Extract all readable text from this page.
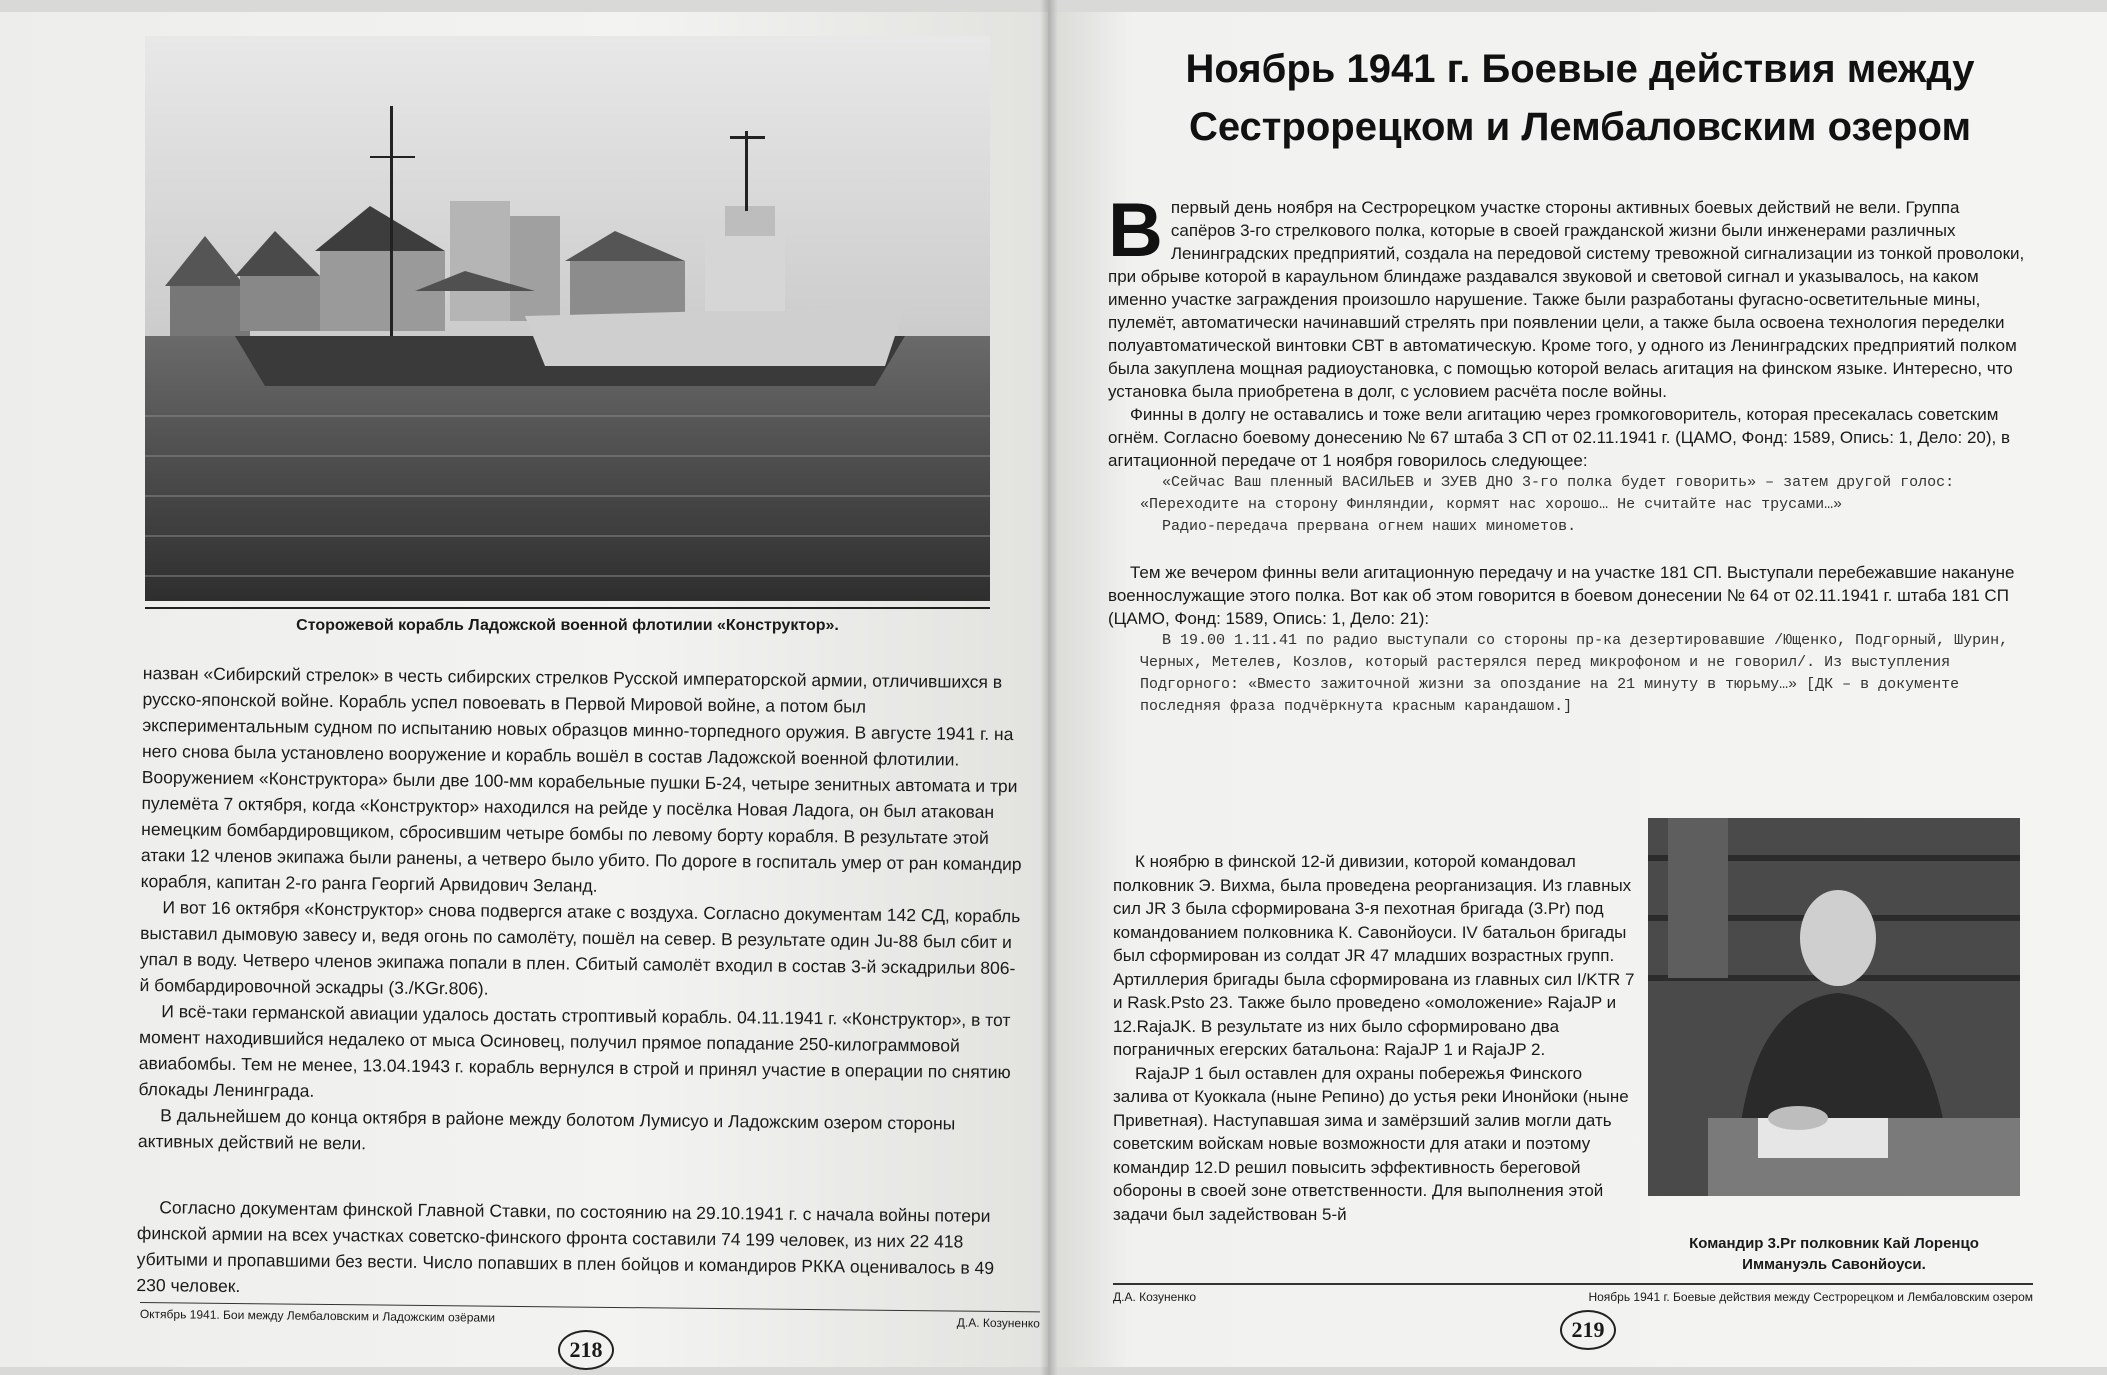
Сторожевой корабль Ладожской военной флотилии «Конструктор».

назван «Сибирский стрелок» в честь сибирских стрелков Русской императорской армии, отличившихся в русско-японской войне. Корабль успел повоевать в Первой Мировой войне, а потом был экспериментальным судном по испытанию новых образцов минно-торпедного оружия. В августе 1941 г. на него снова была установлено вооружение и корабль вошёл в состав Ладожской военной флотилии. Вооружением «Конструктора» были две 100-мм корабельные пушки Б-24, четыре зенитных автомата и три пулемёта 7 октября, когда «Конструктор» находился на рейде у посёлка Новая Ладога, он был атакован немецким бомбардировщиком, сбросившим четыре бомбы по левому борту корабля. В результате этой атаки 12 членов экипажа были ранены, а четверо было убито. По дороге в госпиталь умер от ран командир корабля, капитан 2-го ранга Георгий Арвидович Зеланд.

И вот 16 октября «Конструктор» снова подвергся атаке с воздуха. Согласно документам 142 СД, корабль выставил дымовую завесу и, ведя огонь по самолёту, пошёл на север. В результате один Ju-88 был сбит и упал в воду. Четверо членов экипажа попали в плен. Сбитый самолёт входил в состав 3-й эскадрильи 806-й бомбардировочной эскадры (3./KGr.806).

И всё-таки германской авиации удалось достать строптивый корабль. 04.11.1941 г. «Конструктор», в тот момент находившийся недалеко от мыса Осиновец, получил прямое попадание 250-килограммовой авиабомбы. Тем не менее, 13.04.1943 г. корабль вернулся в строй и принял участие в операции по снятию блокады Ленинграда.

В дальнейшем до конца октября в районе между болотом Лумисуо и Ладожским озером стороны активных действий не вели.

Согласно документам финской Главной Ставки, по состоянию на 29.10.1941 г. с начала войны потери финской армии на всех участках советско-финского фронта составили 74 199 человек, из них 22 418 убитыми и пропавшими без вести. Число попавших в плен бойцов и командиров РККА оценивалось в 49 230 человек.

Октябрь 1941. Бои между Лембаловским и Ладожским озёрами	Д.А. Козуненко
218
Ноябрь 1941 г. Боевые действия между
Сестрорецком и Лембаловским озером

Впервый день ноября на Сестрорецком участке стороны активных боевых действий не вели. Группа сапёров 3-го стрелкового полка, которые в своей гражданской жизни были инженерами различных Ленинградских предприятий, создала на передовой систему тревожной сигнализации из тонкой проволоки, при обрыве которой в караульном блиндаже раздавался звуковой и световой сигнал и указывалось, на каком именно участке заграждения произошло нарушение. Также были разработаны фугасно-осветительные мины, пулемёт, автоматически начинавший стрелять при появлении цели, а также была освоена технология переделки полуавтоматической винтовки СВТ в автоматическую. Кроме того, у одного из Ленинградских предприятий полком была закуплена мощная радиоустановка, с помощью которой велась агитация на финском языке. Интересно, что установка была приобретена в долг, с условием расчёта после войны.

Финны в долгу не оставались и тоже вели агитацию через громкоговоритель, которая пресекалась советским огнём. Согласно боевому донесению № 67 штаба 3 СП от 02.11.1941 г. (ЦАМО, Фонд: 1589, Опись: 1, Дело: 20), в агитационной передаче от 1 ноября говорилось следующее:

«Сейчас Ваш пленный ВАСИЛЬЕВ и ЗУЕВ ДНО 3-го полка будет говорить» – затем другой голос: «Переходите на сторону Финляндии, кормят нас хорошо… Не считайте нас трусами…»

Радио-передача прервана огнем наших минометов.

Тем же вечером финны вели агитационную передачу и на участке 181 СП. Выступали перебежавшие накануне военнослужащие этого полка. Вот как об этом говорится в боевом донесении № 64 от 02.11.1941 г. штаба 181 СП (ЦАМО, Фонд: 1589, Опись: 1, Дело: 21):

В 19.00 1.11.41 по радио выступали со стороны пр-ка дезертировавшие /Ющенко, Подгорный, Шурин, Черных, Метелев, Козлов, который растерялся перед микрофоном и не говорил/. Из выступления Подгорного: «Вместо зажиточной жизни за опоздание на 21 минуту в тюрьму…» [ДК – в документе последняя фраза подчёркнута красным карандашом.]

К ноябрю в финской 12-й дивизии, которой командовал полковник Э. Вихма, была проведена реорганизация. Из главных сил JR 3 была сформирована 3-я пехотная бригада (3.Pr) под командованием полковника К. Савонйоуси. IV батальон бригады был сформирован из солдат JR 47 младших возрастных групп. Артиллерия бригады была сформирована из главных сил I/KTR 7 и Rask.Psto 23. Также было проведено «омоложение» RajaJP и 12.RajaJK. В результате из них было сформировано два пограничных егерских батальона: RajaJP 1 и RajaJP 2.

RajaJP 1 был оставлен для охраны побережья Финского залива от Куоккала (ныне Репино) до устья реки Инонйоки (ныне Приветная). Наступавшая зима и замёрзший залив могли дать советским войскам новые возможности для атаки и поэтому командир 12.D решил повысить эффективность береговой обороны в своей зоне ответственности. Для выполнения этой задачи был задействован 5-й

Командир 3.Pr полковник Кай Лоренцо Иммануэль Савонйоуси.
Д.А. Козуненко	Ноябрь 1941 г. Боевые действия между Сестрорецком и Лембаловским озером
219
